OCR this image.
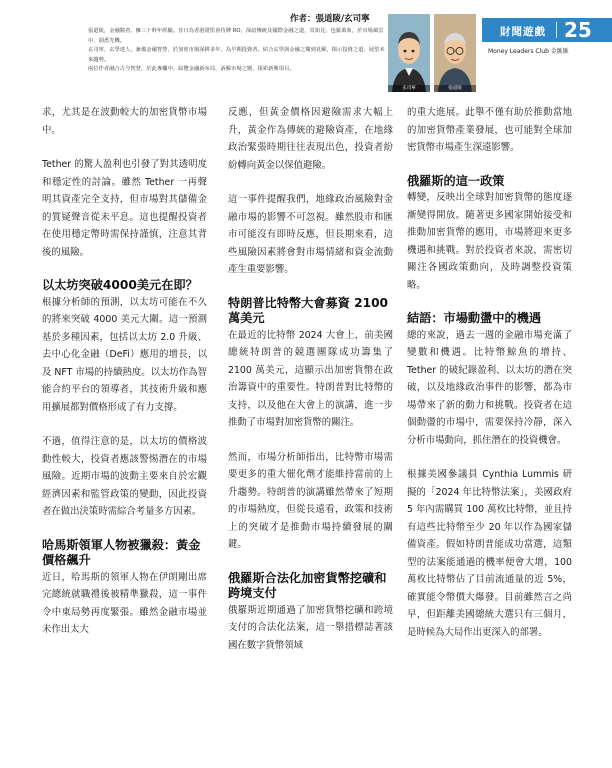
作者：張道陵/玄司寧

張道陵，金融醫者，擁三十幹年經驗。昔日為香港證監會持牌 RO，深諳傳統及國際金融之道，其知見，包羅萬象，於市場風雲中，洞悉先機。

玄司寧，玄學達人，兼備金融智慧，於加密市場深耕多年，為早期投資者。結合玄學與金融之獨到見解，揭示投資之道，展望未來趨勢。

兩位作者融合古今智慧，於此專欄中，綜覽金融新布局，訴解市場之變，探索新興項目。

玄司寧	張道陵
財聞遊戲 25
Money Leaders Club 金匯匯

求，尤其是在波動較大的加密貨幣市場中。

Tether 的驚人盈利也引發了對其透明度和穩定性的討論。雖然 Tether 一再聲明其資產完全支持，但市場對其儲備金的質疑聲音從未平息。這也提醒投資者在使用穩定幣時需保持謹慎，注意其背後的風險。

以太坊突破4000美元在即？

根據分析師的預測，以太坊可能在不久的將來突破 4000 美元大關。這一預測基於多種因素，包括以太坊 2.0 升級、去中心化金融（DeFi）應用的增長，以及 NFT 市場的持續熱度。以太坊作為智能合約平台的領導者，其技術升級和應用擴展都對價格形成了有力支撐。

不過，值得注意的是，以太坊的價格波動性較大，投資者應該警惕潛在的市場風險。近期市場的波動主要來自於宏觀經濟因素和監管政策的變動，因此投資者在做出決策時需綜合考量多方因素。

哈馬斯領軍人物被獵殺：黃金價格飆升

近日，哈馬斯的領軍人物在伊朗剛出席完總統就職禮後被精準獵殺，這一事件令中東局勢再度緊張。雖然金融市場並未作出太大

反應，但黃金價格因避險需求大幅上升，黃金作為傳統的避險資產，在地緣政治緊張時期往往表現出色，投資者紛紛轉向黃金以保值避險。

這一事件提醒我們，地緣政治風險對金融市場的影響不可忽視。雖然股市和匯市可能沒有即時反應，但長期來看，這些風險因素將會對市場情緒和資金流動產生重要影響。

特朗普比特幣大會募資 2100 萬美元

在最近的比特幣 2024 大會上，前美國總統特朗普的競選團隊成功籌集了 2100 萬美元，這顯示出加密貨幣在政治籌資中的重要性。特朗普對比特幣的支持，以及他在大會上的演講，進一步推動了市場對加密貨幣的關注。

然而，市場分析師指出，比特幣市場需要更多的重大催化劑才能維持當前的上升趨勢。特朗普的演講雖然帶來了短期的市場熱度，但從長遠看，政策和技術上的突破才是推動市場持續發展的關鍵。

俄羅斯合法化加密貨幣挖礦和跨境支付

俄羅斯近期通過了加密貨幣挖礦和跨境支付的合法化法案，這一舉措標誌著該國在數字貨幣領域

的重大進展。此舉不僅有助於推動當地的加密貨幣產業發展，也可能對全球加密貨幣市場產生深遠影響。

俄羅斯的這一政策

轉變，反映出全球對加密貨幣的態度逐漸變得開放。隨著更多國家開始接受和推動加密貨幣的應用，市場將迎來更多機遇和挑戰。對於投資者來說，需密切關注各國政策動向，及時調整投資策略。

結語：市場動盪中的機遇

總的來說，過去一週的金融市場充滿了變數和機遇。比特幣鯨魚的增持、Tether 的破紀錄盈利、以太坊的潛在突破，以及地緣政治事件的影響，都為市場帶來了新的動力和挑戰。投資者在這個動盪的市場中，需要保持冷靜，深入分析市場動向，抓住潛在的投資機會。

根據美國參議員 Cynthia Lummis 研擬的「2024 年比特幣法案」，美國政府 5 年內需購買 100 萬枚比特幣，並且持有這些比特幣至少 20 年以作為國家儲備資產。假如特朗普能成功當選，這類型的法案能通過的機率便會大增，100 萬枚比特幣佔了目前流通量的近 5%，確實能令幣價大爆發。目前雖然言之尚早，但距離美國總統大選只有三個月，是時候為大局作出更深入的部署。
